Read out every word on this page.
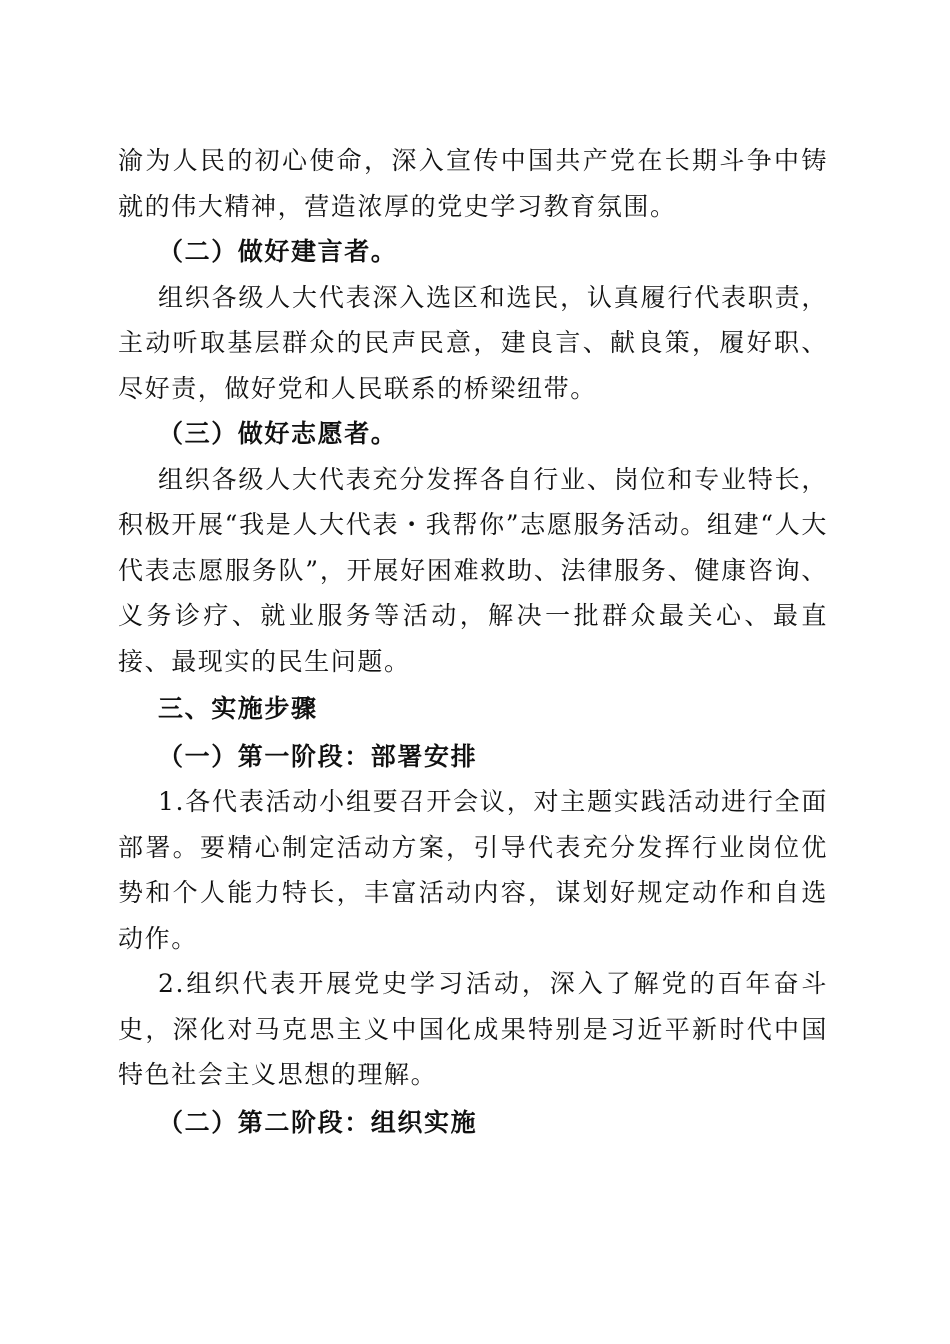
渝为人民的初心使命，深入宣传中国共产党在长期斗争中铸就的伟大精神，营造浓厚的党史学习教育氛围。

（二）做好建言者。

组织各级人大代表深入选区和选民，认真履行代表职责，主动听取基层群众的民声民意，建良言、献良策，履好职、尽好责，做好党和人民联系的桥梁纽带。

（三）做好志愿者。

组织各级人大代表充分发挥各自行业、岗位和专业特长，积极开展“我是人大代表・我帮你”志愿服务活动。组建“人大代表志愿服务队”，开展好困难救助、法律服务、健康咨询、义务诊疗、就业服务等活动，解决一批群众最关心、最直接、最现实的民生问题。

三、实施步骤

（一）第一阶段：部署安排

1.各代表活动小组要召开会议，对主题实践活动进行全面部署。要精心制定活动方案，引导代表充分发挥行业岗位优势和个人能力特长，丰富活动内容，谋划好规定动作和自选动作。

2.组织代表开展党史学习活动，深入了解党的百年奋斗史，深化对马克思主义中国化成果特别是习近平新时代中国特色社会主义思想的理解。

（二）第二阶段：组织实施
